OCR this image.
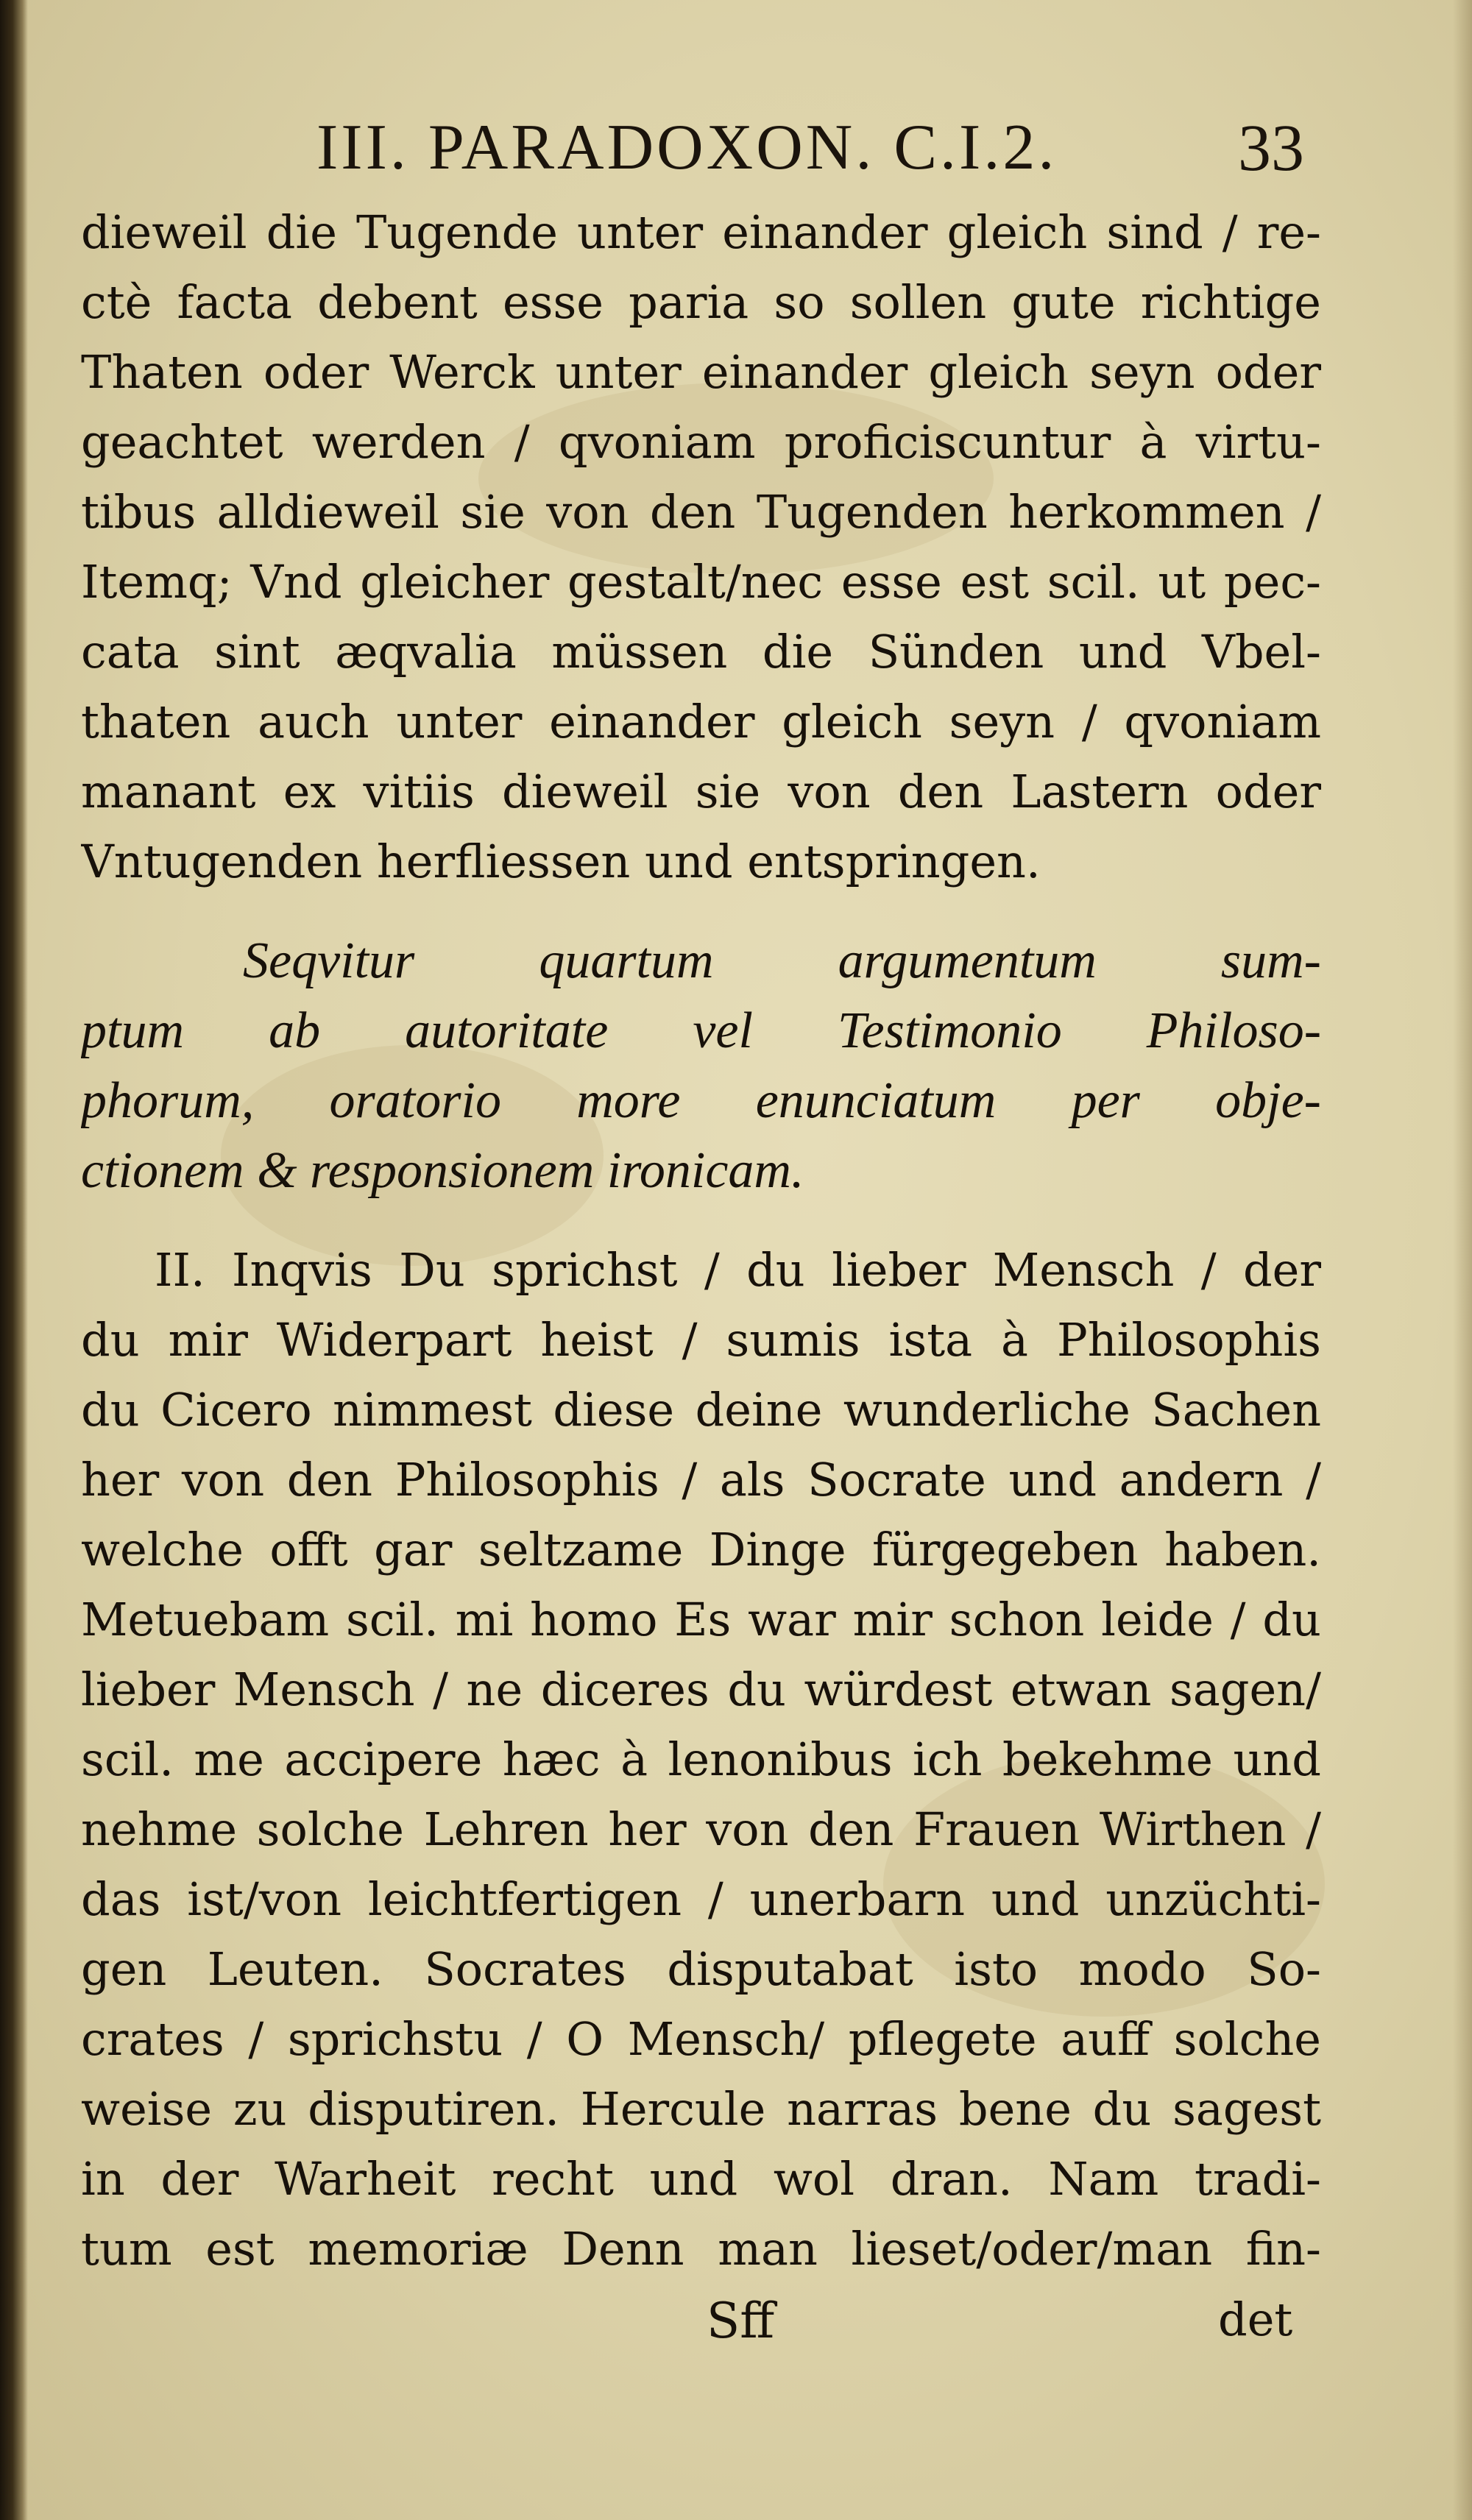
III. PARADOXON. C.I.2.	33
dieweil die Tugende unter einander gleich sind / re-
ctè facta debent esse paria so sollen gute richtige
Thaten oder Werck unter einander gleich seyn oder
geachtet werden / qvoniam proficiscuntur à virtu-
tibus alldieweil sie von den Tugenden herkommen /
Itemq; Vnd gleicher gestalt/nec esse est scil. ut pec-
cata sint æqvalia müssen die Sünden und Vbel-
thaten auch unter einander gleich seyn / qvoniam
manant ex vitiis dieweil sie von den Lastern oder
Vntugenden herfliessen und entspringen.
Seqvitur quartum argumentum sum-
ptum ab autoritate vel Testimonio Philoso-
phorum, oratorio more enunciatum per obje-
ctionem & responsionem ironicam.
II. Inqvis Du sprichst / du lieber Mensch / der
du mir Widerpart heist / sumis ista à Philosophis
du Cicero nimmest diese deine wunderliche Sachen
her von den Philosophis / als Socrate und andern /
welche offt gar seltzame Dinge fürgegeben haben.
Metuebam scil. mi homo Es war mir schon leide / du
lieber Mensch / ne diceres du würdest etwan sagen/
scil. me accipere hæc à lenonibus ich bekehme und
nehme solche Lehren her von den Frauen Wirthen /
das ist/von leichtfertigen / unerbarn und unzüchti-
gen Leuten. Socrates disputabat isto modo So-
crates / sprichstu / O Mensch/ pflegete auff solche
weise zu disputiren. Hercule narras bene du sagest
in der Warheit recht und wol dran. Nam tradi-
tum est memoriæ Denn man lieset/oder/man fin-
Sff	det
